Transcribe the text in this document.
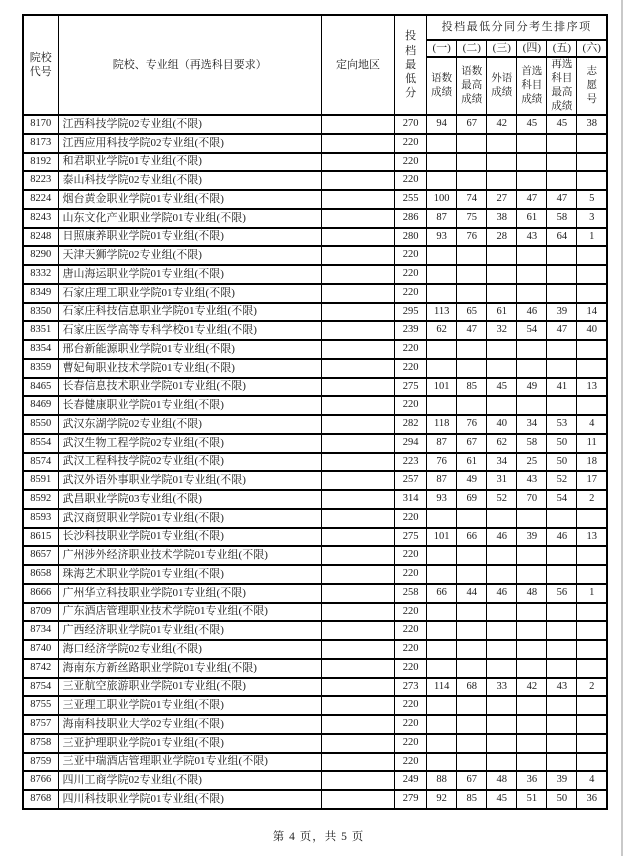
院校代号	院校、专业组（再选科目要求）	定向地区	投档最低分	投档最低分同分考生排序项					
				(一)	(二)	(三)	(四)	(五)	(六)
				语数成绩	语数最高成绩	外语成绩	首选科目成绩	再选科目最高成绩	志愿号
8170	江西科技学院02专业组(不限)		270	94	67	42	45	45	38
8173	江西应用科技学院02专业组(不限)		220						
8192	和君职业学院01专业组(不限)		220						
8223	泰山科技学院02专业组(不限)		220						
8224	烟台黄金职业学院01专业组(不限)		255	100	74	27	47	47	5
8243	山东文化产业职业学院01专业组(不限)		286	87	75	38	61	58	3
8248	日照康养职业学院01专业组(不限)		280	93	76	28	43	64	1
8290	天津天狮学院02专业组(不限)		220						
8332	唐山海运职业学院01专业组(不限)		220						
8349	石家庄理工职业学院01专业组(不限)		220						
8350	石家庄科技信息职业学院01专业组(不限)		295	113	65	61	46	39	14
8351	石家庄医学高等专科学校01专业组(不限)		239	62	47	32	54	47	40
8354	邢台新能源职业学院01专业组(不限)		220						
8359	曹妃甸职业技术学院01专业组(不限)		220						
8465	长春信息技术职业学院01专业组(不限)		275	101	85	45	49	41	13
8469	长春健康职业学院01专业组(不限)		220						
8550	武汉东湖学院02专业组(不限)		282	118	76	40	34	53	4
8554	武汉生物工程学院02专业组(不限)		294	87	67	62	58	50	11
8574	武汉工程科技学院02专业组(不限)		223	76	61	34	25	50	18
8591	武汉外语外事职业学院01专业组(不限)		257	87	49	31	43	52	17
8592	武昌职业学院03专业组(不限)		314	93	69	52	70	54	2
8593	武汉商贸职业学院01专业组(不限)		220						
8615	长沙科技职业学院01专业组(不限)		275	101	66	46	39	46	13
8657	广州涉外经济职业技术学院01专业组(不限)		220						
8658	珠海艺术职业学院01专业组(不限)		220						
8666	广州华立科技职业学院01专业组(不限)		258	66	44	46	48	56	1
8709	广东酒店管理职业技术学院01专业组(不限)		220						
8734	广西经济职业学院01专业组(不限)		220						
8740	海口经济学院02专业组(不限)		220						
8742	海南东方新丝路职业学院01专业组(不限)		220						
8754	三亚航空旅游职业学院01专业组(不限)		273	114	68	33	42	43	2
8755	三亚理工职业学院01专业组(不限)		220						
8757	海南科技职业大学02专业组(不限)		220						
8758	三亚护理职业学院01专业组(不限)		220						
8759	三亚中瑞酒店管理职业学院01专业组(不限)		220						
8766	四川工商学院02专业组(不限)		249	88	67	48	36	39	4
8768	四川科技职业学院01专业组(不限)		279	92	85	45	51	50	36
第 4 页，共 5 页
